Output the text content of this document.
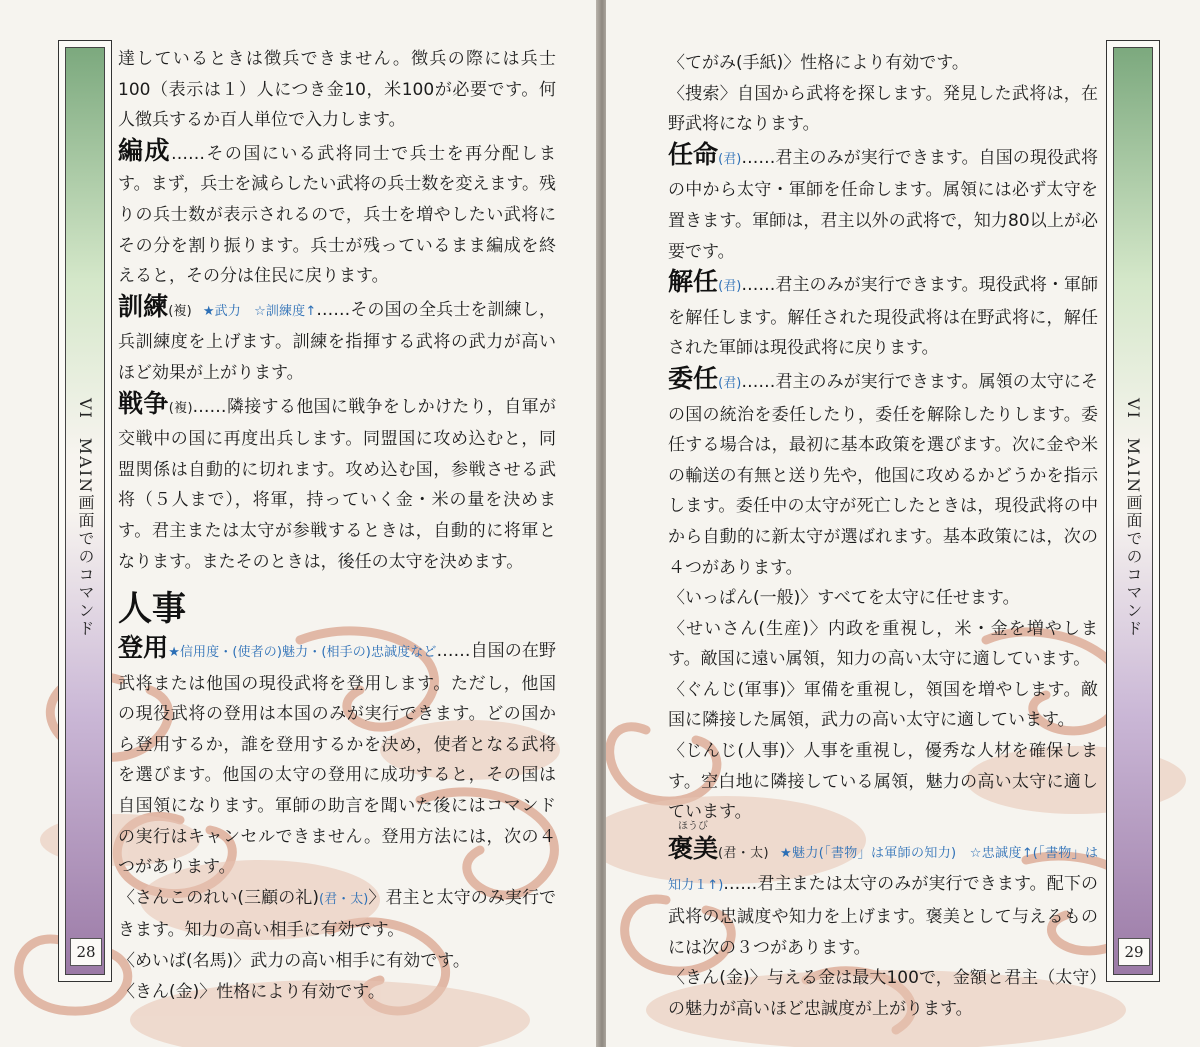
VI　MAIN画面でのコマンド
28

達しているときは徴兵できません。徴兵の際には兵士100（表示は１）人につき金10，米100が必要です。何人徴兵するか百人単位で入力します。

編成……その国にいる武将同士で兵士を再分配します。まず，兵士を減らしたい武将の兵士数を変えます。残りの兵士数が表示されるので，兵士を増やしたい武将にその分を割り振ります。兵士が残っているまま編成を終えると，その分は住民に戻ります。

訓練(複) ★武力　☆訓練度↑……その国の全兵士を訓練し，兵訓練度を上げます。訓練を指揮する武将の武力が高いほど効果が上がります。

戦争(複)……隣接する他国に戦争をしかけたり，自軍が交戦中の国に再度出兵します。同盟国に攻め込むと，同盟関係は自動的に切れます。攻め込む国，参戦させる武将（５人まで），将軍，持っていく金・米の量を決めます。君主または太守が参戦するときは，自動的に将軍となります。またそのときは，後任の太守を決めます。

人事

登用★信用度・(使者の)魅力・(相手の)忠誠度など……自国の在野武将または他国の現役武将を登用します。ただし，他国の現役武将の登用は本国のみが実行できます。どの国から登用するか，誰を登用するかを決め，使者となる武将を選びます。他国の太守の登用に成功すると，その国は自国領になります。軍師の助言を聞いた後にはコマンドの実行はキャンセルできません。登用方法には，次の４つがあります。

〈さんこのれい(三顧の礼)(君・太)〉君主と太守のみ実行できます。知力の高い相手に有効です。

〈めいば(名馬)〉武力の高い相手に有効です。

〈きん(金)〉性格により有効です。

VI　MAIN画面でのコマンド
29

〈てがみ(手紙)〉性格により有効です。

〈捜索〉自国から武将を探します。発見した武将は，在野武将になります。

任命(君)……君主のみが実行できます。自国の現役武将の中から太守・軍師を任命します。属領には必ず太守を置きます。軍師は，君主以外の武将で，知力80以上が必要です。

解任(君)……君主のみが実行できます。現役武将・軍師を解任します。解任された現役武将は在野武将に，解任された軍師は現役武将に戻ります。

委任(君)……君主のみが実行できます。属領の太守にその国の統治を委任したり，委任を解除したりします。委任する場合は，最初に基本政策を選びます。次に金や米の輸送の有無と送り先や，他国に攻めるかどうかを指示します。委任中の太守が死亡したときは，現役武将の中から自動的に新太守が選ばれます。基本政策には，次の４つがあります。

〈いっぱん(一般)〉すべてを太守に任せます。

〈せいさん(生産)〉内政を重視し，米・金を増やします。敵国に遠い属領，知力の高い太守に適しています。

〈ぐんじ(軍事)〉軍備を重視し，領国を増やします。敵国に隣接した属領，武力の高い太守に適しています。

〈じんじ(人事)〉人事を重視し，優秀な人材を確保します。空白地に隣接している属領，魅力の高い太守に適しています。

ほうび
褒美(君・太) ★魅力(「書物」は軍師の知力)　☆忠誠度↑(「書物」は知力１↑)……君主または太守のみが実行できます。配下の武将の忠誠度や知力を上げます。褒美として与えるものには次の３つがあります。

〈きん(金)〉与える金は最大100で，金額と君主（太守）の魅力が高いほど忠誠度が上がります。
